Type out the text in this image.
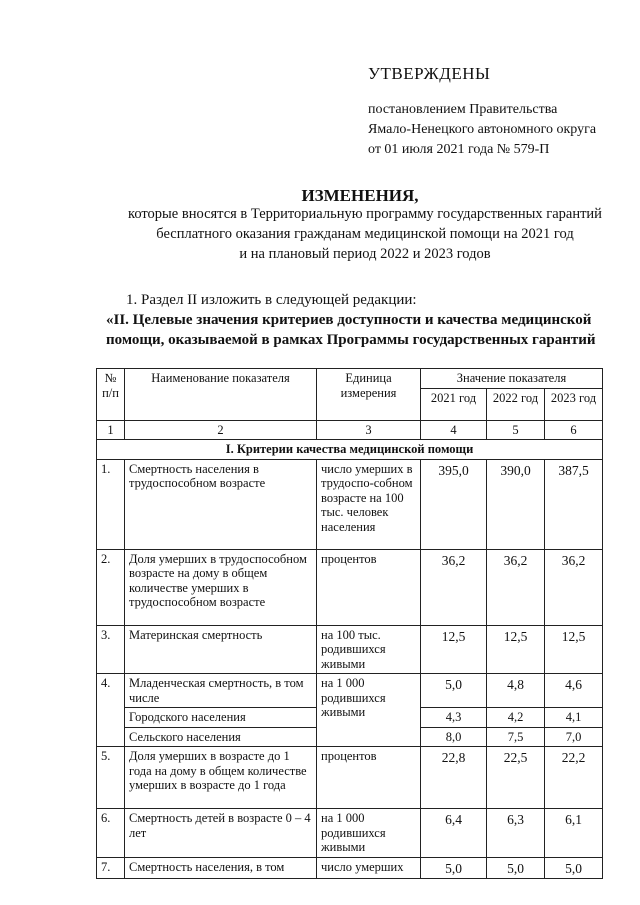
УТВЕРЖДЕНЫ
постановлением Правительства
Ямало-Ненецкого автономного округа
от 01 июля 2021 года № 579-П
ИЗМЕНЕНИЯ,
которые вносятся в Территориальную программу государственных гарантий
бесплатного оказания гражданам медицинской помощи на 2021 год
и на плановый период 2022 и 2023 годов
1. Раздел II изложить в следующей редакции:
«II. Целевые значения критериев доступности и качества медицинской
помощи, оказываемой в рамках Программы государственных гарантий
№ п/п	Наименование показателя	Единица измерения	Значение показателя		
			2021 год	2022 год	2023 год
1	2	3	4	5	6
I. Критерии качества медицинской помощи					
1.	Смертность населения в трудоспособном возрасте	число умерших в трудоспо-собном возрасте на 100 тыс. человек населения	395,0	390,0	387,5
2.	Доля умерших в трудоспособном возрасте на дому в общем количестве умерших в трудоспособном возрасте	процентов	36,2	36,2	36,2
3.	Материнская смертность	на 100 тыс. родившихся живыми	12,5	12,5	12,5
4.	Младенческая смертность, в том числе	на 1 000 родившихся живыми	5,0	4,8	4,6
	Городского населения		4,3	4,2	4,1
	Сельского населения		8,0	7,5	7,0
5.	Доля умерших в возрасте до 1 года на дому в общем количестве умерших в возрасте до 1 года	процентов	22,8	22,5	22,2
6.	Смертность детей в возрасте 0 – 4 лет	на 1 000 родившихся живыми	6,4	6,3	6,1
7.	Смертность населения, в том	число умерших	5,0	5,0	5,0
